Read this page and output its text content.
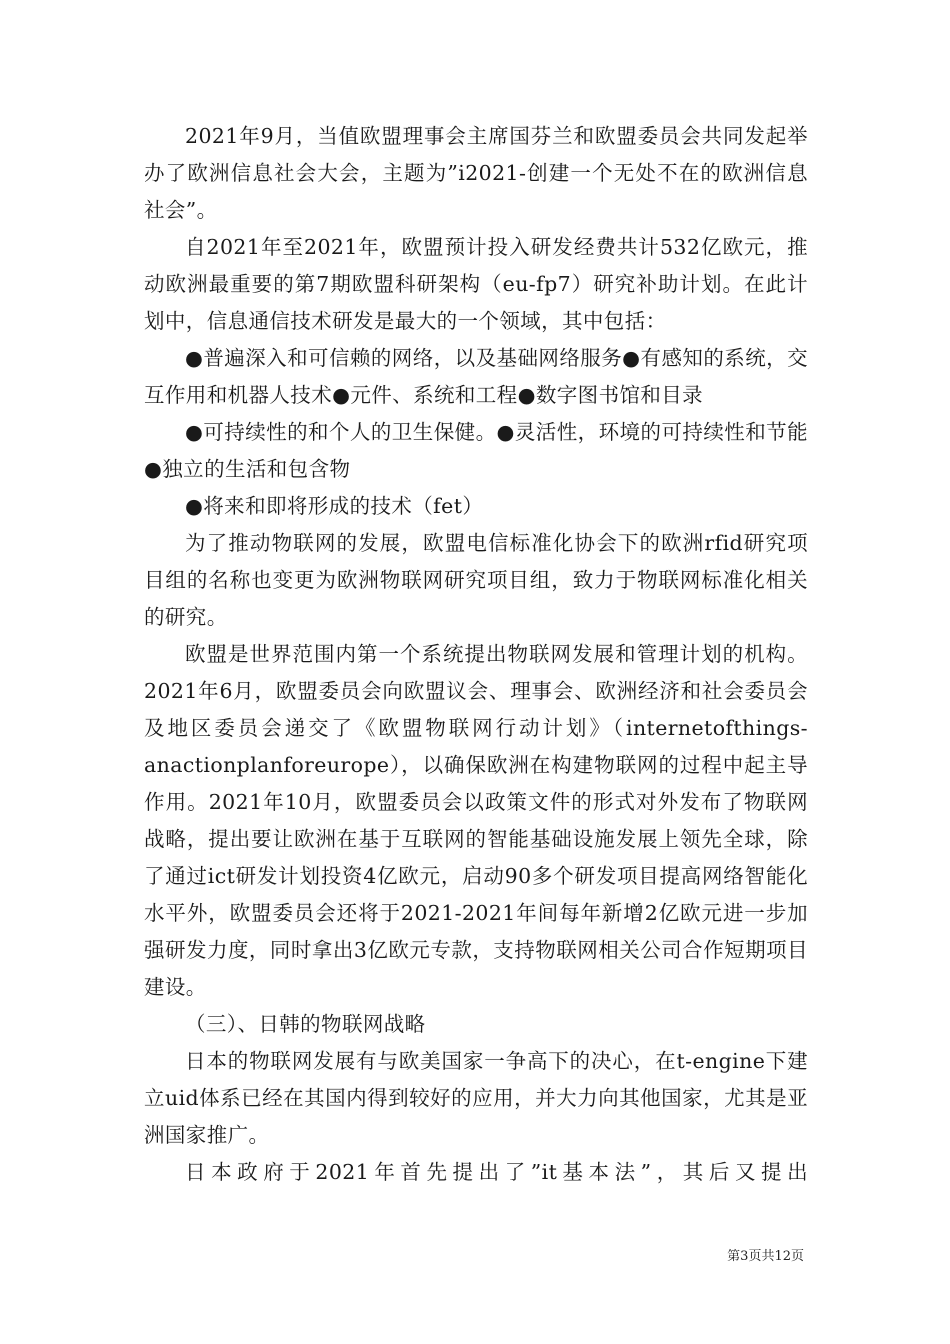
2021年9月，当值欧盟理事会主席国芬兰和欧盟委员会共同发起举办了欧洲信息社会大会，主题为”i2021-创建一个无处不在的欧洲信息社会”。

自2021年至2021年，欧盟预计投入研发经费共计532亿欧元，推动欧洲最重要的第7期欧盟科研架构（eu-fp7）研究补助计划。在此计划中，信息通信技术研发是最大的一个领域，其中包括：

●普遍深入和可信赖的网络，以及基础网络服务●有感知的系统，交互作用和机器人技术●元件、系统和工程●数字图书馆和目录

●可持续性的和个人的卫生保健。●灵活性，环境的可持续性和节能●独立的生活和包含物

●将来和即将形成的技术（fet）

为了推动物联网的发展，欧盟电信标准化协会下的欧洲rfid研究项目组的名称也变更为欧洲物联网研究项目组，致力于物联网标准化相关的研究。

欧盟是世界范围内第一个系统提出物联网发展和管理计划的机构。2021年6月，欧盟委员会向欧盟议会、理事会、欧洲经济和社会委员会及地区委员会递交了《欧盟物联网行动计划》（internetofthings-anactionplanforeurope），以确保欧洲在构建物联网的过程中起主导作用。2021年10月，欧盟委员会以政策文件的形式对外发布了物联网战略，提出要让欧洲在基于互联网的智能基础设施发展上领先全球，除了通过ict研发计划投资4亿欧元，启动90多个研发项目提高网络智能化水平外，欧盟委员会还将于2021-2021年间每年新增2亿欧元进一步加强研发力度，同时拿出3亿欧元专款，支持物联网相关公司合作短期项目建设。

（三）、日韩的物联网战略

日本的物联网发展有与欧美国家一争高下的决心，在t-engine下建立uid体系已经在其国内得到较好的应用，并大力向其他国家，尤其是亚洲国家推广。

日本政府于2021年首先提出了”it基本法”，其后又提出

第3页共12页
